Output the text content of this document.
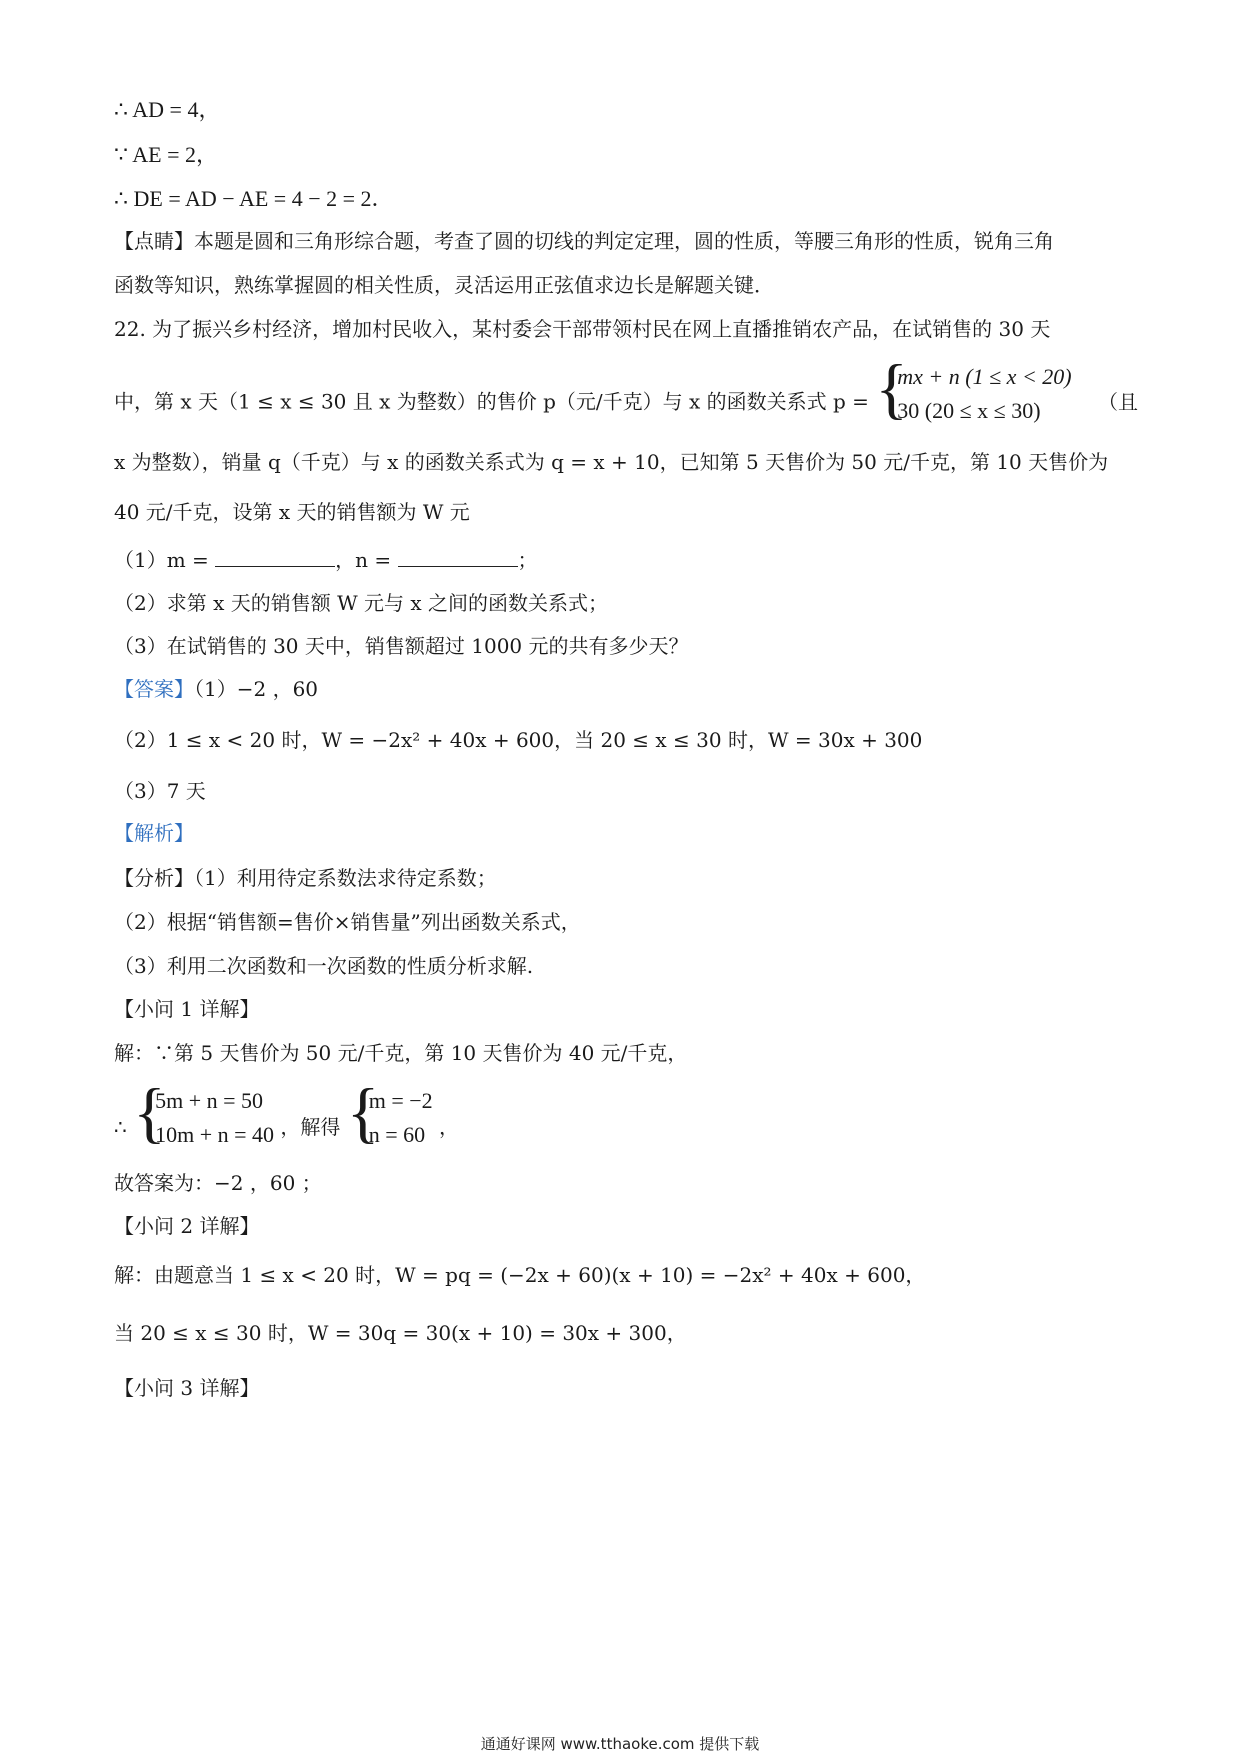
∴ AD = 4，
∵ AE = 2，
∴ DE = AD − AE = 4 − 2 = 2．
【点睛】本题是圆和三角形综合题，考查了圆的切线的判定定理，圆的性质，等腰三角形的性质，锐角三角
函数等知识，熟练掌握圆的相关性质，灵活运用正弦值求边长是解题关键．
22. 为了振兴乡村经济，增加村民收入，某村委会干部带领村民在网上直播推销农产品，在试销售的 30 天
中，第 x 天（1 ≤ x ≤ 30 且 x 为整数）的售价 p（元/千克）与 x 的函数关系式 p = {
mx + n (1 ≤ x < 20)
30 (20 ≤ x ≤ 30)	（且
x 为整数），销量 q（千克）与 x 的函数关系式为 q = x + 10，已知第 5 天售价为 50 元/千克，第 10 天售价为
40 元/千克，设第 x 天的销售额为 W 元
（1）m =	，n =	；
（2）求第 x 天的销售额 W 元与 x 之间的函数关系式；
（3）在试销售的 30 天中，销售额超过 1000 元的共有多少天？
【答案】（1）−2 ，60
（2）1 ≤ x < 20 时，W = −2x² + 40x + 600，当 20 ≤ x ≤ 30 时，W = 30x + 300
（3）7 天
【解析】
【分析】（1）利用待定系数法求待定系数；
（2）根据“销售额=售价×销售量”列出函数关系式，
（3）利用二次函数和一次函数的性质分析求解.
【小问 1 详解】
解：∵第 5 天售价为 50 元/千克，第 10 天售价为 40 元/千克，
∴ {
5m + n = 50
10m + n = 40 ，解得 {
m = −2
n = 60 ，
故答案为：−2 ，60 ；
【小问 2 详解】
解：由题意当 1 ≤ x < 20 时，W = pq = (−2x + 60)(x + 10) = −2x² + 40x + 600，
当 20 ≤ x ≤ 30 时，W = 30q = 30(x + 10) = 30x + 300，
【小问 3 详解】
通通好课网 www.tthaoke.com 提供下载
